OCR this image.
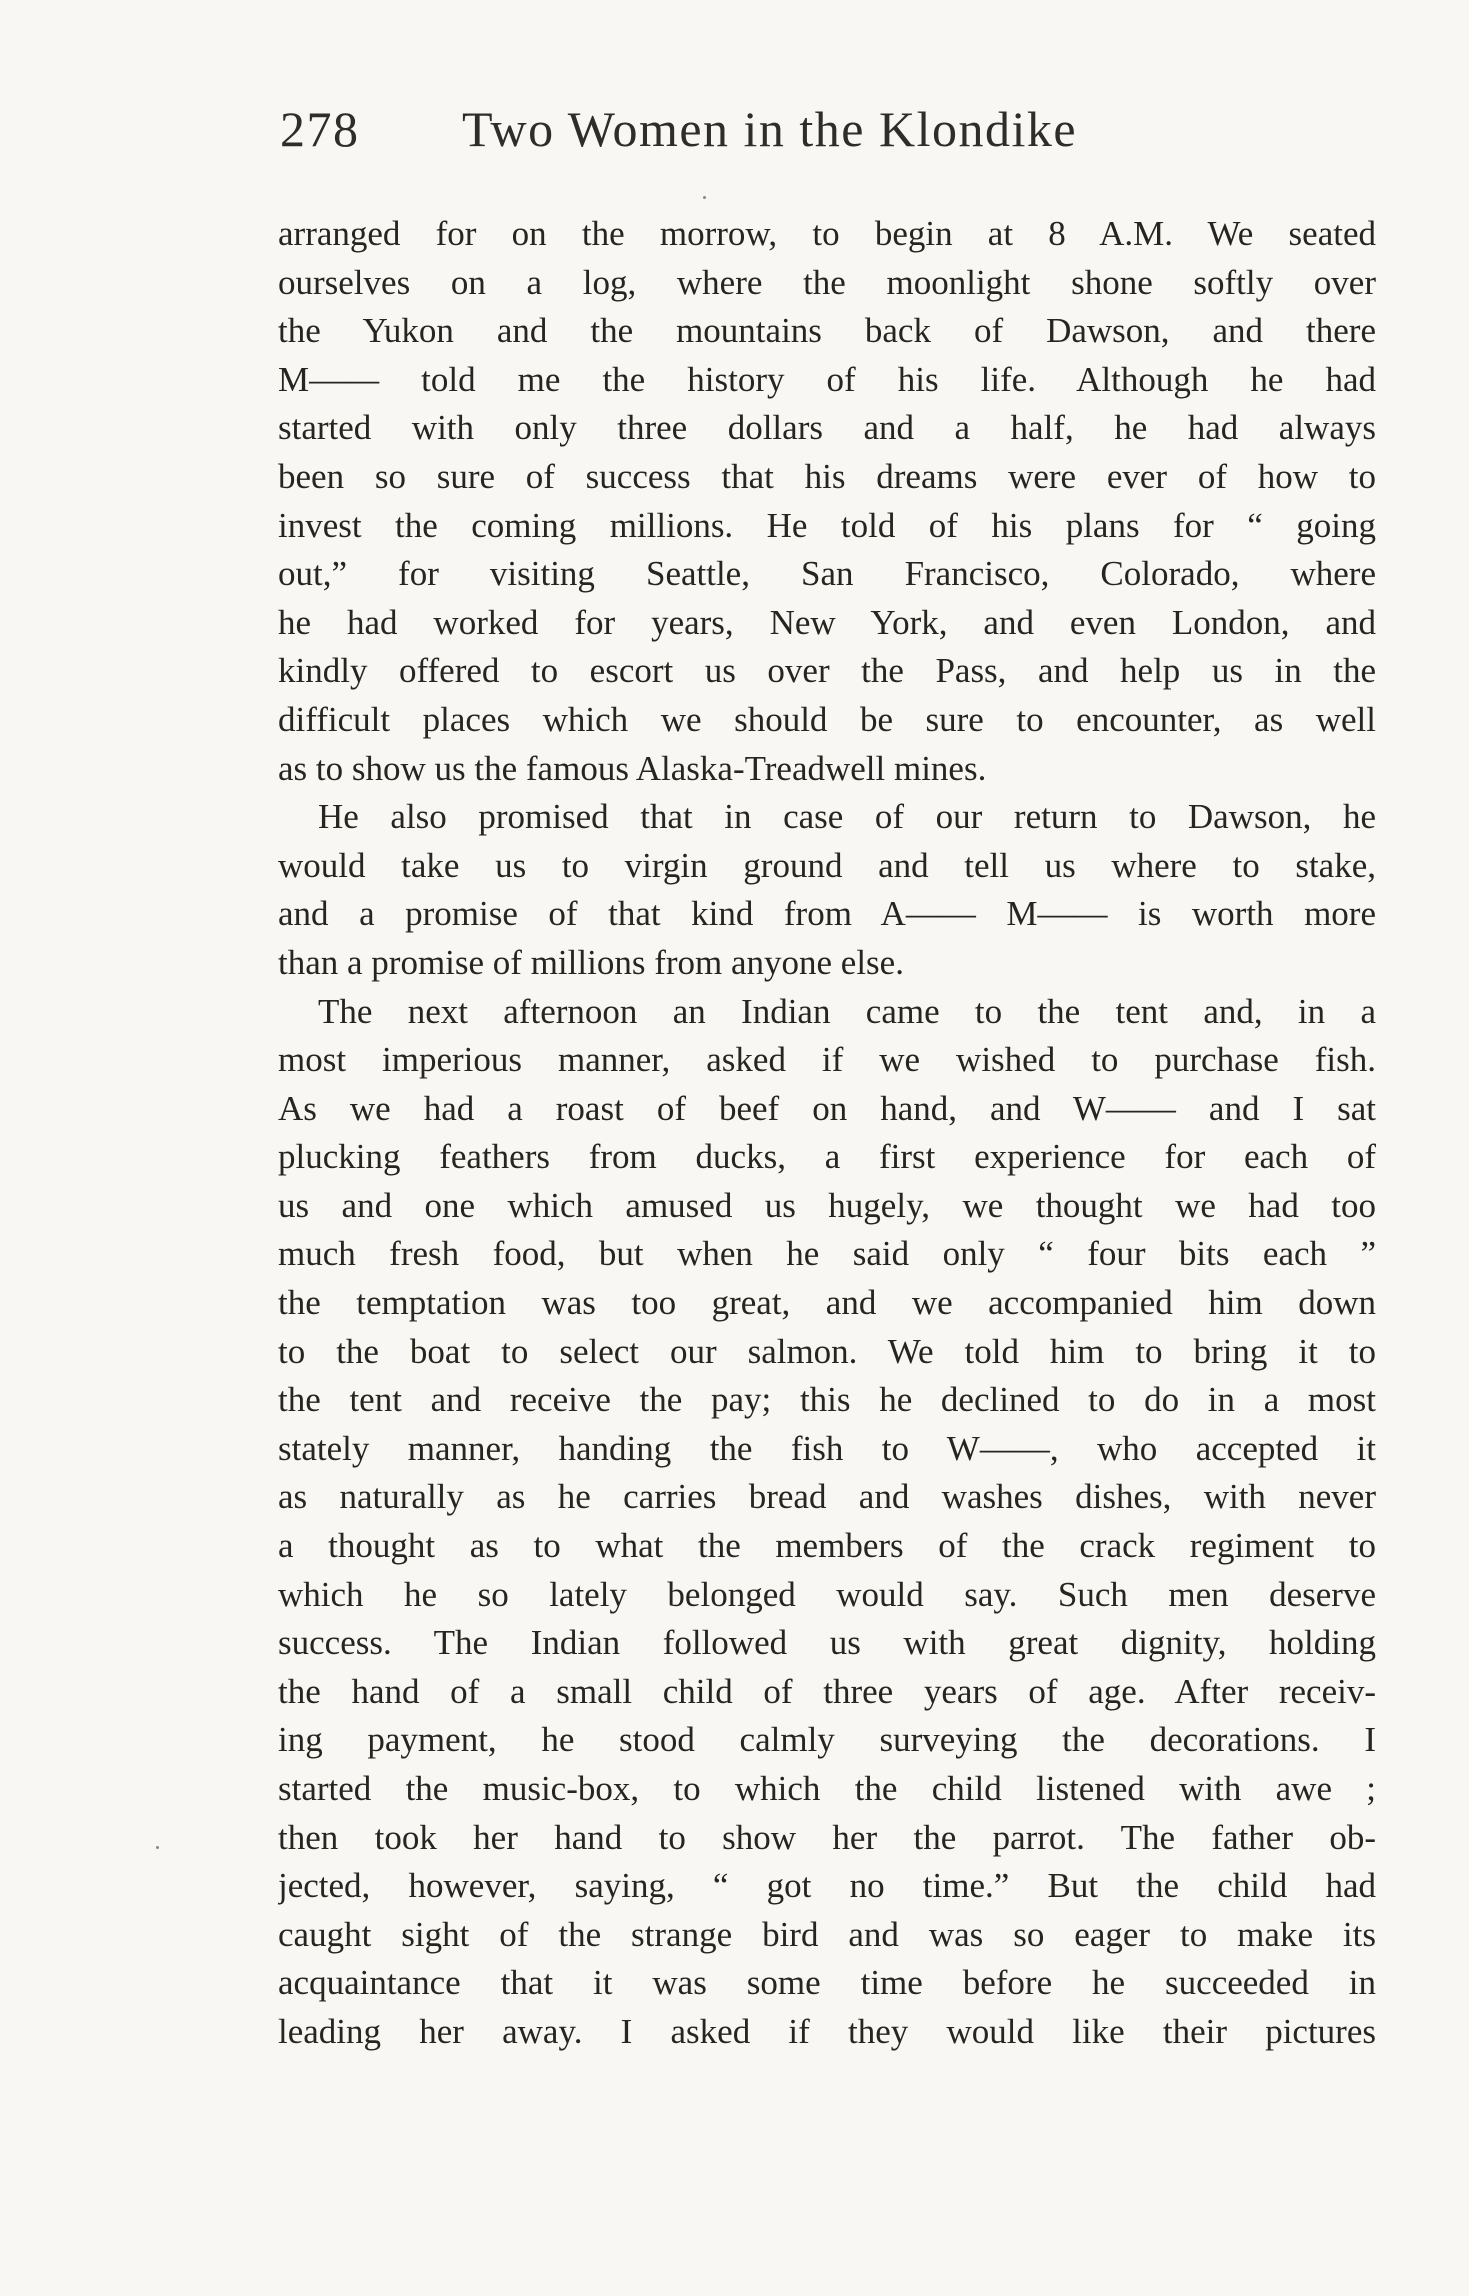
278 Two Women in the Klondike
arranged for on the morrow, to begin at 8 A.M. We seated
ourselves on a log, where the moonlight shone softly over
the Yukon and the mountains back of Dawson, and there
M—— told me the history of his life. Although he had
started with only three dollars and a half, he had always
been so sure of success that his dreams were ever of how to
invest the coming millions. He told of his plans for “ going
out,” for visiting Seattle, San Francisco, Colorado, where
he had worked for years, New York, and even London, and
kindly offered to escort us over the Pass, and help us in the
difficult places which we should be sure to encounter, as well
as to show us the famous Alaska-Treadwell mines.
He also promised that in case of our return to Dawson, he
would take us to virgin ground and tell us where to stake,
and a promise of that kind from A—— M—— is worth more
than a promise of millions from anyone else.
The next afternoon an Indian came to the tent and, in a
most imperious manner, asked if we wished to purchase fish.
As we had a roast of beef on hand, and W—— and I sat
plucking feathers from ducks, a first experience for each of
us and one which amused us hugely, we thought we had too
much fresh food, but when he said only “ four bits each ”
the temptation was too great, and we accompanied him down
to the boat to select our salmon. We told him to bring it to
the tent and receive the pay; this he declined to do in a most
stately manner, handing the fish to W——, who accepted it
as naturally as he carries bread and washes dishes, with never
a thought as to what the members of the crack regiment to
which he so lately belonged would say. Such men deserve
success. The Indian followed us with great dignity, holding
the hand of a small child of three years of age. After receiv-
ing payment, he stood calmly surveying the decorations. I
started the music-box, to which the child listened with awe ;
then took her hand to show her the parrot. The father ob-
jected, however, saying, “ got no time.” But the child had
caught sight of the strange bird and was so eager to make its
acquaintance that it was some time before he succeeded in
leading her away. I asked if they would like their pictures
